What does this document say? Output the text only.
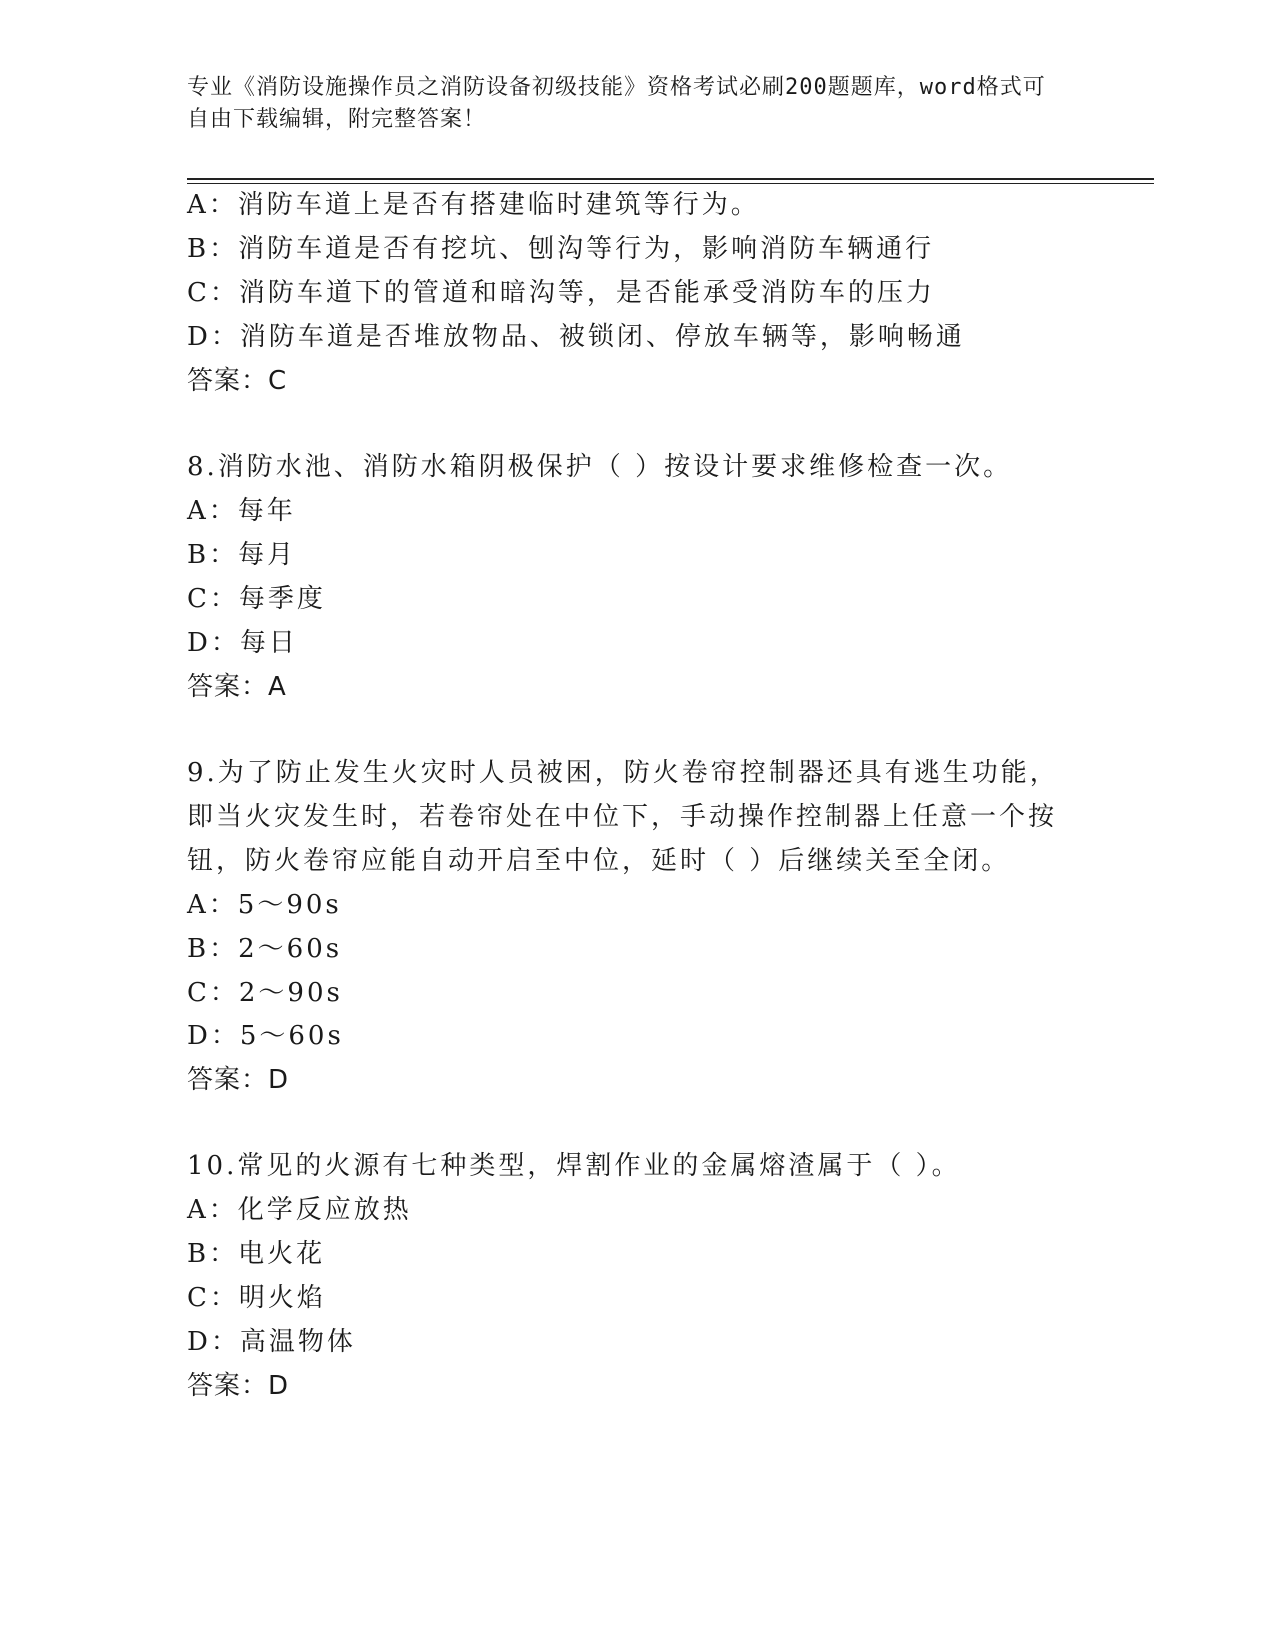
专业《消防设施操作员之消防设备初级技能》资格考试必刷200题题库，word格式可自由下载编辑，附完整答案！

A：消防车道上是否有搭建临时建筑等行为。

B：消防车道是否有挖坑、刨沟等行为，影响消防车辆通行

C：消防车道下的管道和暗沟等，是否能承受消防车的压力

D：消防车道是否堆放物品、被锁闭、停放车辆等，影响畅通

答案：C

8.消防水池、消防水箱阴极保护（ ）按设计要求维修检查一次。

A：每年

B：每月

C：每季度

D：每日

答案：A

9.为了防止发生火灾时人员被困，防火卷帘控制器还具有逃生功能，

即当火灾发生时，若卷帘处在中位下，手动操作控制器上任意一个按

钮，防火卷帘应能自动开启至中位，延时（ ）后继续关至全闭。

A：5～90s

B：2～60s

C：2～90s

D：5～60s

答案：D

10.常见的火源有七种类型，焊割作业的金属熔渣属于（ ）。

A：化学反应放热

B：电火花

C：明火焰

D：高温物体

答案：D
